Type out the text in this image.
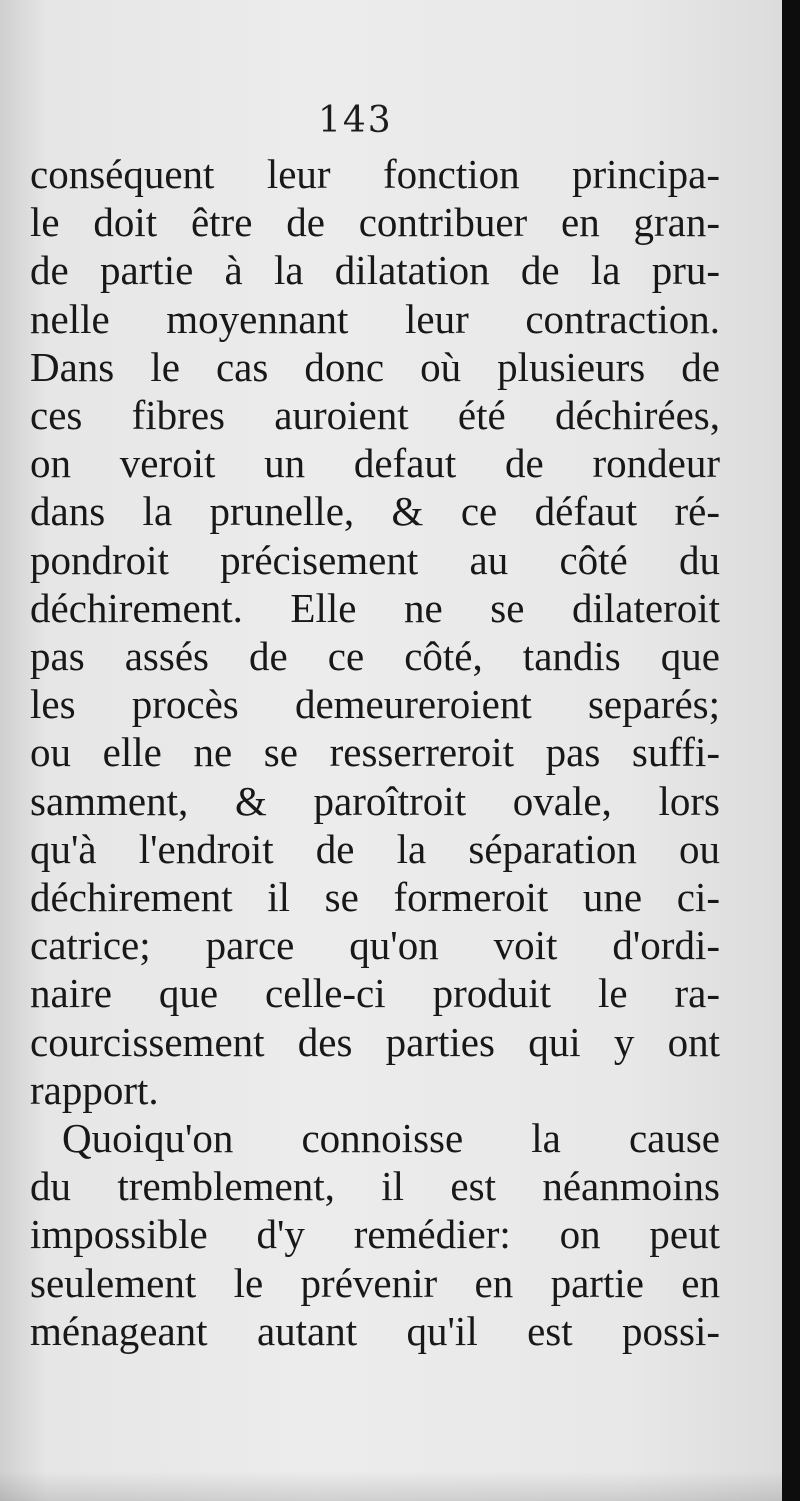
143
conséquent leur fonction principa-
le doit être de contribuer en gran-
de partie à la dilatation de la pru-
nelle moyennant leur contraction.
Dans le cas donc où plusieurs de
ces fibres auroient été déchirées,
on veroit un defaut de rondeur
dans la prunelle, & ce défaut ré-
pondroit précisement au côté du
déchirement. Elle ne se dilateroit
pas assés de ce côté, tandis que
les procès demeureroient separés;
ou elle ne se resserreroit pas suffi-
samment, & paroîtroit ovale, lors
qu'à l'endroit de la séparation ou
déchirement il se formeroit une ci-
catrice; parce qu'on voit d'ordi-
naire que celle-ci produit le ra-
courcissement des parties qui y ont
rapport.
Quoiqu'on connoisse la cause
du tremblement, il est néanmoins
impossible d'y remédier: on peut
seulement le prévenir en partie en
ménageant autant qu'il est possi-
